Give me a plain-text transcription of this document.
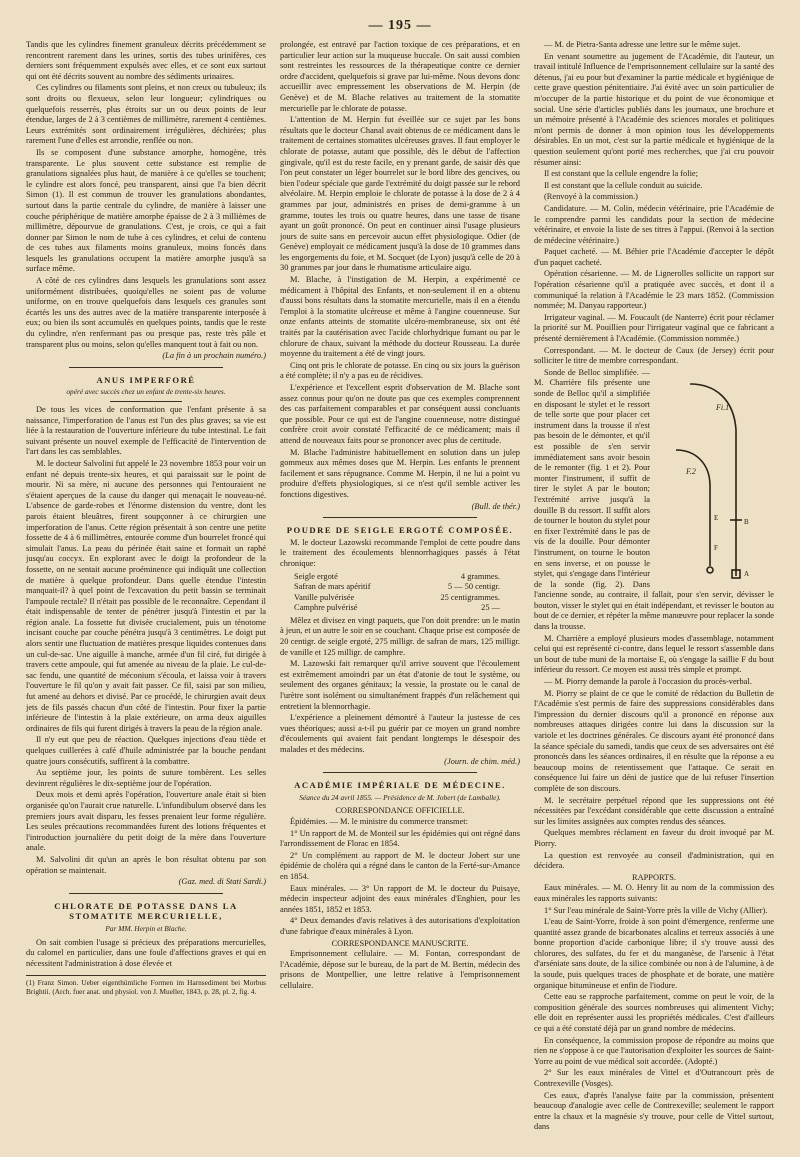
— 195 —

Tandis que les cylindres finement granuleux décrits précédemment se rencontrent rarement dans les urines, sortis des tubes urinifères, ces derniers sont fréquemment expulsés avec elles, et ce sont eux surtout qui ont été décrits souvent au nombre des sédiments urinaires.

Ces cylindres ou filaments sont pleins, et non creux ou tubuleux; ils sont droits ou flexueux, selon leur longueur; cylindriques ou quelquefois resserrés, plus étroits sur un ou deux points de leur étendue, larges de 2 à 3 centièmes de millimètre, rarement 4 centièmes. Leurs extrémités sont ordinairement irrégulières, déchirées; plus rarement l'une d'elles est arrondie, renflée ou non.

Ils se composent d'une substance amorphe, homogène, très transparente. Le plus souvent cette substance est remplie de granulations signalées plus haut, de manière à ce qu'elles se touchent; le cylindre est alors foncé, peu transparent, ainsi que l'a bien décrit Simon (1). Il est commun de trouver les granulations abondantes, surtout dans la partie centrale du cylindre, de manière à laisser une couche périphérique de matière amorphe épaisse de 2 à 3 millièmes de millimètre, dépourvue de granulations. C'est, je crois, ce qui a fait donner par Simon le nom de tube à ces cylindres, et celui de contenu de ces tubes aux filaments moins granuleux, moins foncés dans lesquels les granulations occupent la matière amorphe jusqu'à sa surface même.

A côté de ces cylindres dans lesquels les granulations sont assez uniformément distribuées, quoiqu'elles ne soient pas de volume uniforme, on en trouve quelquefois dans lesquels ces granules sont écartés les uns des autres avec de la matière transparente interposée à eux; ou bien ils sont accumulés en quelques points, tandis que le reste du cylindre, n'en renfermant pas ou presque pas, reste très pâle et transparent plus ou moins, selon qu'elles manquent tout à fait ou non.

(La fin à un prochain numéro.)
ANUS IMPERFORÉ
opéré avec succès chez un enfant de trente-six heures.

De tous les vices de conformation que l'enfant présente à sa naissance, l'imperforation de l'anus est l'un des plus graves; sa vie est liée à la restauration de l'ouverture inférieure du tube intestinal. Le fait suivant présente un nouvel exemple de l'efficacité de l'intervention de l'art dans les cas semblables.

M. le docteur Salvolini fut appelé le 23 novembre 1853 pour voir un enfant né depuis trente-six heures, et qui paraissait sur le point de mourir. Ni sa mère, ni aucune des personnes qui l'entouraient ne s'étaient aperçues de la cause du danger qui menaçait le nouveau-né. L'absence de garde-robes et l'énorme distension du ventre, dont les parois étaient bleuâtres, firent soupçonner à ce chirurgien une imperforation de l'anus. Cette région présentait à son centre une petite fossette de 4 à 6 millimètres, entourée comme d'un bourrelet froncé qui simulait l'anus. La peau du périnée était saine et formait un raphé jusqu'au coccyx. En explorant avec le doigt la profondeur de la fossette, on ne sentait aucune proéminence qui indiquât une collection de matière à quelque profondeur. Dans quelle étendue l'intestin manquait-il? à quel point de l'excavation du petit bassin se terminait l'ampoule rectale? Il n'était pas possible de le reconnaître. Cependant il était indispensable de tenter de pénétrer jusqu'à l'intestin et par la région anale. La fossette fut divisée crucialement, puis un ténotome incisant couche par couche pénétra jusqu'à 3 centimètres. Le doigt put alors sentir une fluctuation de matières presque liquides contenues dans un cul-de-sac. Une aiguille à manche, armée d'un fil ciré, fut dirigée à travers cette ampoule, qui fut amenée au niveau de la plaie. Le cul-de-sac fendu, une quantité de méconium s'écoula, et laissa voir à travers l'ouverture le fil qu'on y avait fait passer. Ce fil, saisi par son milieu, fut amené au dehors et divisé. Par ce procédé, le chirurgien avait deux jets de fils passés chacun d'un côté de l'intestin. Pour fixer la partie inférieure de l'intestin à la plaie extérieure, on arma deux aiguilles ordinaires de fils qui furent dirigés à travers la peau de la région anale.

Il n'y eut que peu de réaction. Quelques injections d'eau tiède et quelques cuillerées à café d'huile administrée par la bouche pendant quatre jours consécutifs, suffirent à la combattre.

Au septième jour, les points de suture tombèrent. Les selles devinrent régulières le dix-septième jour de l'opération.

Deux mois et demi après l'opération, l'ouverture anale était si bien organisée qu'on l'aurait crue naturelle. L'infundibulum observé dans les premiers jours avait disparu, les fesses prenaient leur forme régulière. Les seules précautions recommandées furent des lotions fréquentes et l'introduction journalière du petit doigt de la mère dans l'ouverture anale.

M. Salvolini dit qu'un an après le bon résultat obtenu par son opération se maintenait.

(Gaz. med. di Stati Sardi.)
CHLORATE DE POTASSE DANS LA STOMATITE MERCURIELLE,
Par MM. Herpin et Blache.

On sait combien l'usage si précieux des préparations mercurielles, du calomel en particulier, dans une foule d'affections graves et qui en nécessitent l'administration à dose élevée et

(1) Franz Simon. Ueber eigenthümliche Formen im Harnsediment bei Morbus Brightii. (Arch. fuer anat. und physiol. von J. Mueller, 1843, p. 28, pl. 2, fig. 4.

prolongée, est entravé par l'action toxique de ces préparations, et en particulier leur action sur la muqueuse buccale. On sait aussi combien sont restreintes les ressources de la thérapeutique contre ce dernier ordre d'accident, quelquefois si grave par lui-même. Nous devons donc accueillir avec empressement les observations de M. Herpin (de Genève) et de M. Blache relatives au traitement de la stomatite mercurielle par le chlorate de potasse.

L'attention de M. Herpin fut éveillée sur ce sujet par les bons résultats que le docteur Chanal avait obtenus de ce médicament dans le traitement de certaines stomatites ulcéreuses graves. Il faut employer le chlorate de potasse, autant que possible, dès le début de l'affection gingivale, qu'il est du reste facile, en y prenant garde, de saisir dès que l'on peut constater un léger bourrelet sur le bord libre des gencives, ou bien l'odeur spéciale que garde l'extrémité du doigt passée sur le rebord alvéolaire. M. Herpin emploie le chlorate de potasse à la dose de 2 à 4 grammes par jour, administrés en prises de demi-gramme à un gramme, toutes les trois ou quatre heures, dans une tasse de tisane ayant un goût prononcé. On peut en continuer ainsi l'usage plusieurs jours de suite sans en percevoir aucun effet physiologique. Odier (de Genève) employait ce médicament jusqu'à la dose de 10 grammes dans les engorgements du foie, et M. Socquet (de Lyon) jusqu'à celle de 20 à 30 grammes par jour dans le rhumatisme articulaire aigu.

M. Blache, à l'instigation de M. Herpin, a expérimenté ce médicament à l'hôpital des Enfants, et non-seulement il en a obtenu d'aussi bons résultats dans la stomatite mercurielle, mais il en a étendu l'emploi à la stomatite ulcéreuse et même à l'angine couenneuse. Sur onze enfants atteints de stomatite ulcéro-membraneuse, six ont été traités par la cautérisation avec l'acide chlorhydrique fumant ou par le chlorure de chaux, suivant la méthode du docteur Rousseau. La durée moyenne du traitement a été de vingt jours.

Cinq ont pris le chlorate de potasse. En cinq ou six jours la guérison a été complète; il n'y a pas eu de récidives.

L'expérience et l'excellent esprit d'observation de M. Blache sont assez connus pour qu'on ne doute pas que ces exemples comprennent des cas parfaitement comparables et par conséquent aussi concluants que possible. Pour ce qui est de l'angine couenneuse, notre distingué confrère croit avoir constaté l'efficacité de ce médicament; mais il attend de nouveaux faits pour se prononcer avec plus de certitude.

M. Blache l'administre habituellement en solution dans un julep gommeux aux mêmes doses que M. Herpin. Les enfants le prennent facilement et sans répugnance. Comme M. Herpin, il ne lui a point vu produire d'effets physiologiques, si ce n'est qu'il semble activer les fonctions digestives.

(Bull. de thér.)
POUDRE DE SEIGLE ERGOTÉ COMPOSÉE.

M. le docteur Lazowski recommande l'emploi de cette poudre dans le traitement des écoulements blennorrhagiques passés à l'état chronique:

Seigle ergoté	4 grammes.
Safran de mars apéritif	5 — 50 centigr.
Vanille pulvérisée	25 centigrammes.
Camphre pulvérisé	25 —

Mêlez et divisez en vingt paquets, que l'on doit prendre: un le matin à jeun, et un autre le soir en se couchant. Chaque prise est composée de 20 centigr. de seigle ergoté, 275 milligr. de safran de mars, 125 milligr. de vanille et 125 milligr. de camphre.

M. Lazowski fait remarquer qu'il arrive souvent que l'écoulement est extrêmement amoindri par un état d'atonie de tout le système, ou seulement des organes génitaux; la vessie, la prostate ou le canal de l'urètre sont isolément ou simultanément frappés d'un relâchement qui entretient la blennorrhagie.

L'expérience a pleinement démontré à l'auteur la justesse de ces vues théoriques; aussi a-t-il pu guérir par ce moyen un grand nombre d'écoulements qui avaient fait pendant longtemps le désespoir des malades et des médecins.

(Journ. de chim. méd.)
ACADÉMIE IMPÉRIALE DE MÉDECINE.
Séance du 24 avril 1855. — Présidence de M. Jobert (de Lamballe).
CORRESPONDANCE OFFICIELLE.

Épidémies. — M. le ministre du commerce transmet:

1° Un rapport de M. de Monteil sur les épidémies qui ont régné dans l'arrondissement de Florac en 1854.

2° Un complément au rapport de M. le docteur Jobert sur une épidémie de choléra qui a régné dans le canton de la Ferté-sur-Amance en 1854.

Eaux minérales. — 3° Un rapport de M. le docteur du Puisaye, médecin inspecteur adjoint des eaux minérales d'Enghien, pour les années 1851, 1852 et 1853.

4° Deux demandes d'avis relatives à des autorisations d'exploitation d'une fabrique d'eaux minérales à Lyon.

CORRESPONDANCE MANUSCRITE.

Emprisonnement cellulaire. — M. Fontan, correspondant de l'Académie, dépose sur le bureau, de la part de M. Bertin, médecin des prisons de Montpellier, une lettre relative à l'emprisonnement cellulaire.

— M. de Pietra-Santa adresse une lettre sur le même sujet.

En venant soumettre au jugement de l'Académie, dit l'auteur, un travail intitulé Influence de l'emprisonnement cellulaire sur la santé des détenus, j'ai eu pour but d'examiner la partie médicale et hygiénique de cette grave question pénitentiaire. J'ai évité avec un soin particulier de m'occuper de la partie historique et du point de vue économique et social. Une série d'articles publiés dans les journaux, une brochure et un mémoire présenté à l'Académie des sciences morales et politiques m'ont permis de donner à mon opinion tous les développements désirables. En un mot, c'est sur la partie médicale et hygiénique de la question seulement qu'ont porté mes recherches, que j'ai cru pouvoir résumer ainsi:

Il est constant que la cellule engendre la folie;

Il est constant que la cellule conduit au suicide.

(Renvoyé à la commission.)

Candidature. — M. Colin, médecin vétérinaire, prie l'Académie de le comprendre parmi les candidats pour la section de médecine vétérinaire, et envoie la liste de ses titres à l'appui. (Renvoi à la section de médecine vétérinaire.)

Paquet cacheté. — M. Béhier prie l'Académie d'accepter le dépôt d'un paquet cacheté.

Opération césarienne. — M. de Lignerolles sollicite un rapport sur l'opération césarienne qu'il a pratiquée avec succès, et dont il a communiqué la relation à l'Académie le 23 mars 1852. (Commission nommée; M. Danyau rapporteur.)

Irrigateur vaginal. — M. Foucault (de Nanterre) écrit pour réclamer la priorité sur M. Pouillien pour l'irrigateur vaginal que ce fabricant a présenté dernièrement à l'Académie. (Commission nommée.)

Correspondant. — M. le docteur de Caux (de Jersey) écrit pour solliciter le titre de membre correspondant.

Fi.1
F.2
A
B
E
F

Sonde de Belloc simplifiée. — M. Charrière fils présente une sonde de Belloc qu'il a simplifiée en disposant le stylet et le ressort de telle sorte que pour placer cet instrument dans la trousse il n'est pas besoin de le démonter, et qu'il est possible de s'en servir immédiatement sans avoir besoin de le remonter (fig. 1 et 2). Pour monter l'instrument, il suffit de tirer le stylet A par le bouton; l'extrémité arrive jusqu'à la douille B du ressort. Il suffit alors de tourner le bouton du stylet pour en fixer l'extrémité dans le pas de vis de la douille. Pour démonter l'instrument, on tourne le bouton en sens inverse, et on pousse le stylet, qui s'engage dans l'intérieur de la sonde (fig. 2). Dans l'ancienne sonde, au contraire, il fallait, pour s'en servir, dévisser le bouton, visser le stylet qui en était indépendant, et revisser le bouton au bout de ce dernier, et répéter la même manœuvre pour replacer la sonde dans la trousse.

M. Charrière a employé plusieurs modes d'assemblage, notamment celui qui est représenté ci-contre, dans lequel le ressort s'assemble dans un bout de tube muni de la mortaise E, où s'engage la saillie F du bout inférieur du ressort. Ce moyen est aussi très simple et prompt.

— M. Piorry demande la parole à l'occasion du procès-verbal.

M. Piorry se plaint de ce que le comité de rédaction du Bulletin de l'Académie s'est permis de faire des suppressions considérables dans l'impression du dernier discours qu'il a prononcé en réponse aux nombreuses attaques dirigées contre lui dans la discussion sur la variole et les doctrines générales. Ce discours ayant été prononcé dans la séance spéciale du samedi, tandis que ceux de ses adversaires ont été prononcés dans les séances ordinaires, il en résulte que la réponse a eu beaucoup moins de retentissement que l'attaque. Ce serait en conséquence lui faire un déni de justice que de lui refuser l'insertion complète de son discours.

M. le secrétaire perpétuel répond que les suppressions ont été nécessitées par l'excédant considérable que cette discussion a entraîné sur les limites assignées aux comptes rendus des séances.

Quelques membres réclament en faveur du droit invoqué par M. Piorry.

La question est renvoyée au conseil d'administration, qui en décidera.

RAPPORTS.

Eaux minérales. — M. O. Henry lit au nom de la commission des eaux minérales les rapports suivants:

1° Sur l'eau minérale de Saint-Yorre près la ville de Vichy (Allier).

L'eau de Saint-Yorre, froide à son point d'émergence, renferme une quantité assez grande de bicarbonates alcalins et terreux associés à une bonne proportion d'acide carbonique libre; il s'y trouve aussi des chlorures, des sulfates, du fer et du manganèse, de l'arsenic à l'état d'arséniate sans doute, de la silice combinée ou non à de l'alumine, à de la soude, puis quelques traces de phosphate et de borate, une matière organique bitumineuse et enfin de l'iodure.

Cette eau se rapproche parfaitement, comme on peut le voir, de la composition générale des sources nombreuses qui alimentent Vichy; elle doit en représenter aussi les propriétés médicales. C'est d'ailleurs ce qui a été constaté déjà par un grand nombre de médecins.

En conséquence, la commission propose de répondre au moins que rien ne s'oppose à ce que l'autorisation d'exploiter les sources de Saint-Yorre au point de vue médical soit accordée. (Adopté.)

2° Sur les eaux minérales de Vittel et d'Outrancourt près de Contrexeville (Vosges).

Ces eaux, d'après l'analyse faite par la commission, présentent beaucoup d'analogie avec celle de Contrexeville; seulement le rapport entre la chaux et la magnésie s'y trouve, pour celle de Vittel surtout, dans
